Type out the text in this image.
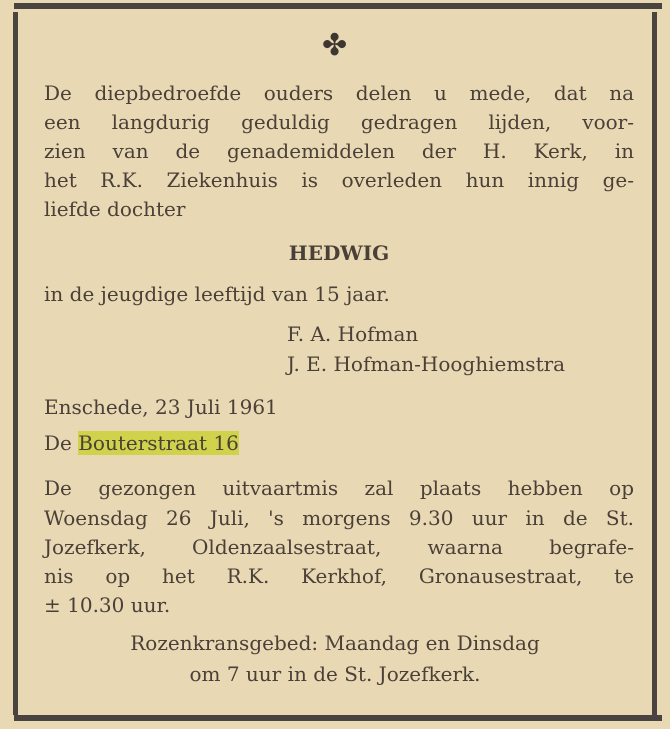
✤
De diepbedroefde ouders delen u mede, dat na
een langdurig geduldig gedragen lijden, voor-
zien van de genademiddelen der H. Kerk, in
het R.K. Ziekenhuis is overleden hun innig ge-
liefde dochter
HEDWIG
in de jeugdige leeftijd van 15 jaar.
F. A. Hofman
J. E. Hofman-Hooghiemstra
Enschede, 23 Juli 1961
De Bouterstraat 16
De gezongen uitvaartmis zal plaats hebben op
Woensdag 26 Juli, 's morgens 9.30 uur in de St.
Jozefkerk, Oldenzaalsestraat, waarna begrafe-
nis op het R.K. Kerkhof, Gronausestraat, te
± 10.30 uur.
Rozenkransgebed: Maandag en Dinsdag
om 7 uur in de St. Jozefkerk.
